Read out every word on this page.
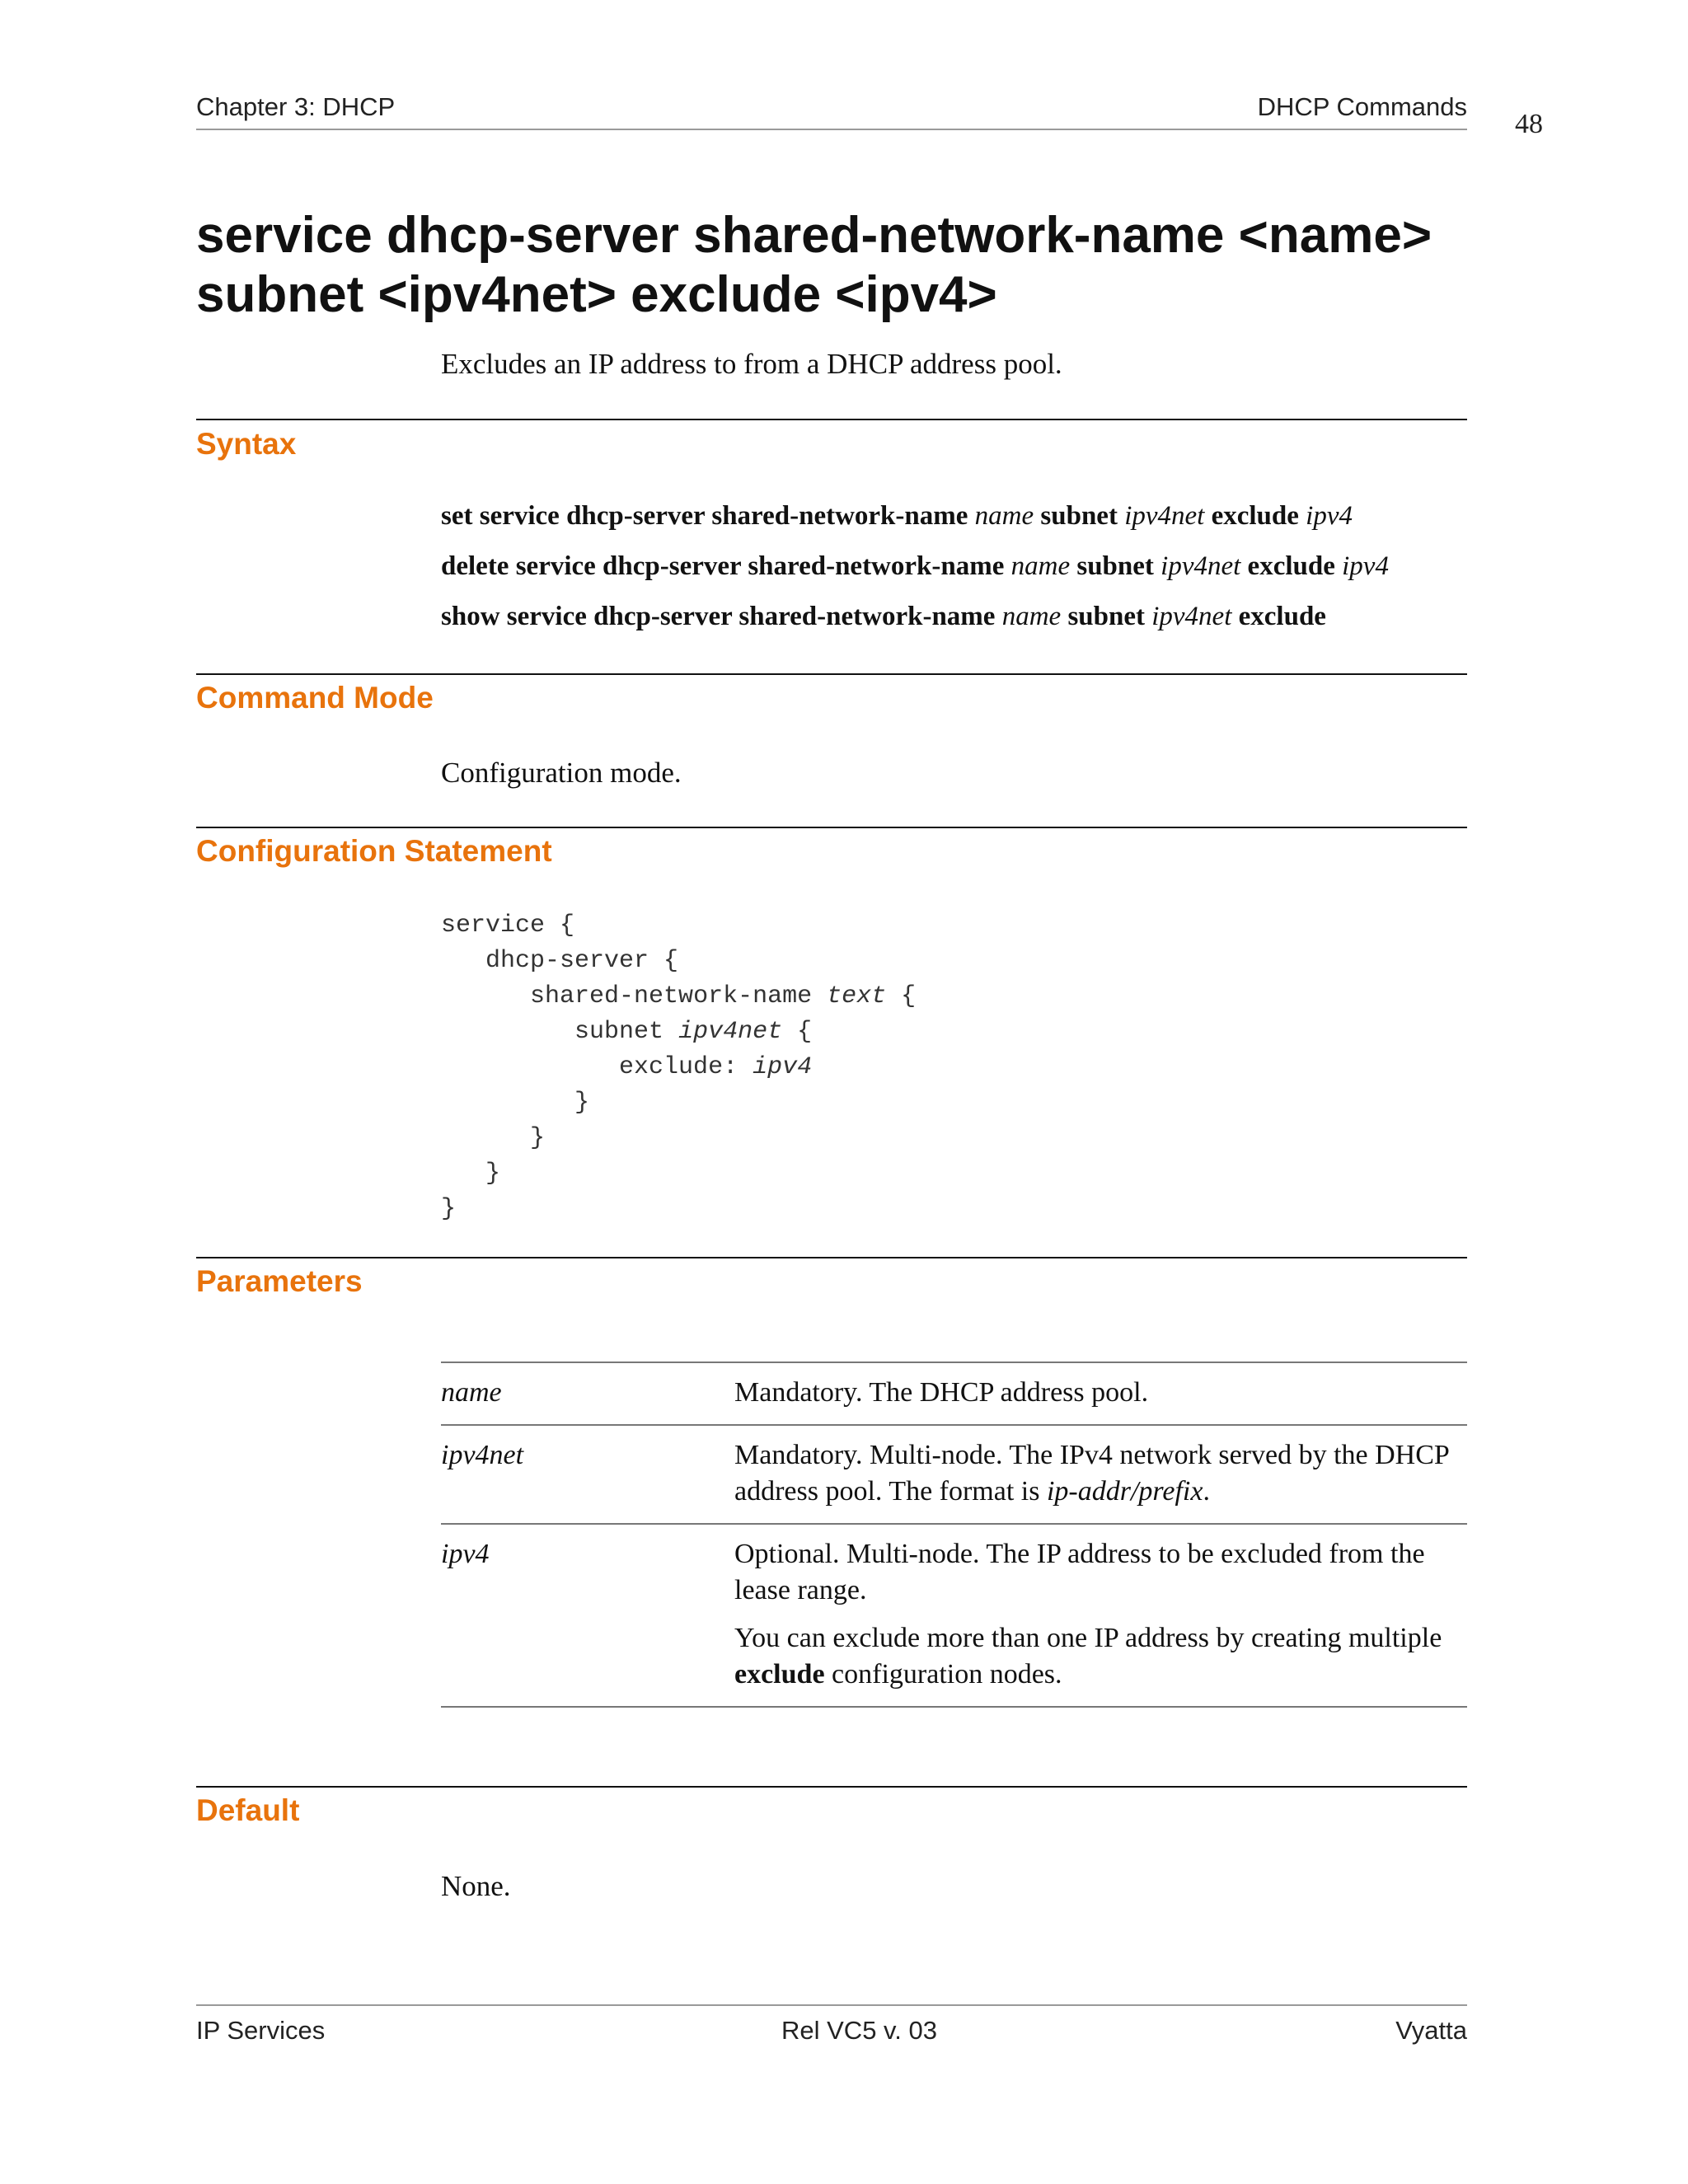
Chapter 3: DHCP	DHCP Commands
48
service dhcp-server shared-network-name <name>
subnet <ipv4net> exclude <ipv4>
Excludes an IP address to from a DHCP address pool.
Syntax
set service dhcp-server shared-network-name name subnet ipv4net exclude ipv4
delete service dhcp-server shared-network-name name subnet ipv4net exclude ipv4
show service dhcp-server shared-network-name name subnet ipv4net exclude
Command Mode
Configuration mode.
Configuration Statement
service {
dhcp-server {
shared-network-name text {
subnet ipv4net {
exclude: ipv4
}
}
}
}
Parameters
name	Mandatory. The DHCP address pool.

ipv4net	Mandatory. Multi-node. The IPv4 network served by the DHCP address pool. The format is ip-addr/prefix.

ipv4	Optional. Multi-node. The IP address to be excluded from the lease range.

You can exclude more than one IP address by creating multiple exclude configuration nodes.

Default
None.
IP Services	Rel VC5 v. 03	Vyatta
